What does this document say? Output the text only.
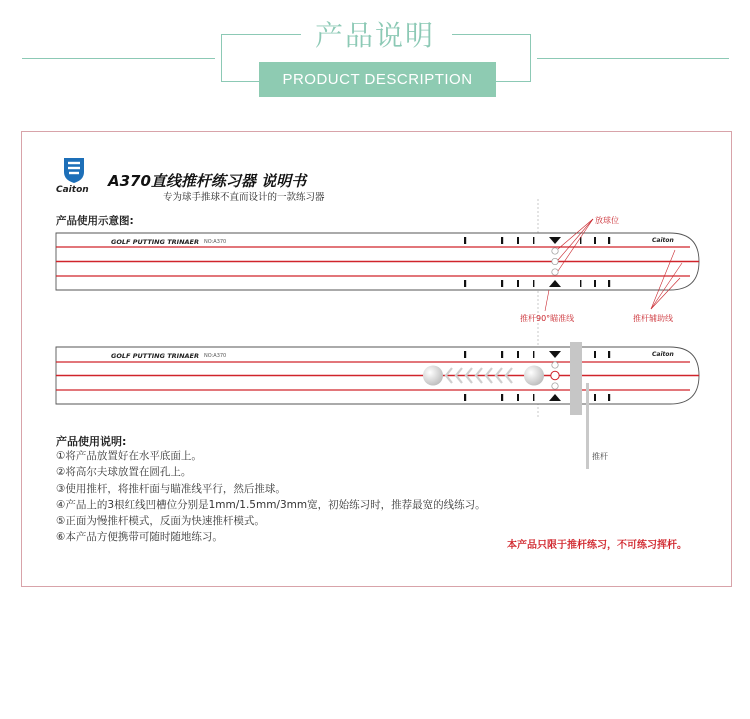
产品说明
PRODUCT DESCRIPTION
Caiton A370直线推杆练习器 说明书
专为球手推球不直而设计的一款练习器
产品使用示意图:
GOLF PUTTING TRINAER NO:A370	Caiton
GOLF PUTTING TRINAER NO:A370	Caiton
放球位
推杆90°瞄准线	推杆辅助线
推杆
产品使用说明:
①将产品放置好在水平底面上。
②将高尔夫球放置在圆孔上。
③使用推杆，将推杆面与瞄准线平行，然后推球。
④产品上的3根红线凹槽位分别是1mm/1.5mm/3mm宽，初始练习时，推荐最宽的线练习。
⑤正面为慢推杆模式，反面为快速推杆模式。
⑥本产品方便携带可随时随地练习。
本产品只限于推杆练习，不可练习挥杆。
